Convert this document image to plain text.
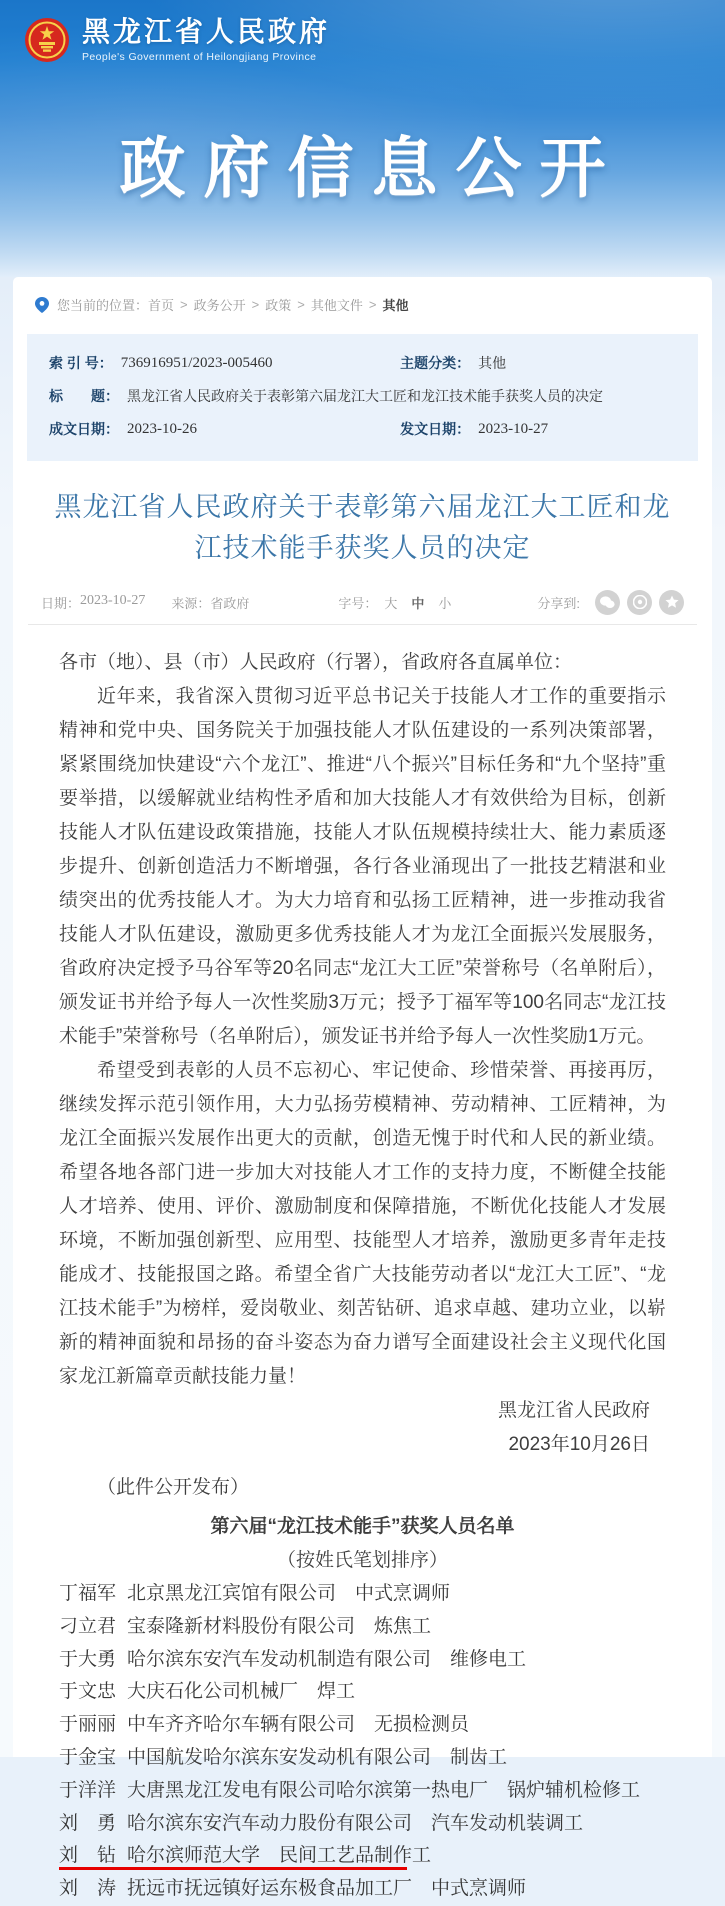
黑龙江省人民政府
People's Government of Heilongjiang Province
政府信息公开
您当前的位置： 首页 > 政务公开 > 政策 > 其他文件 > 其他
索 引 号： 736916951/2023-005460	主题分类： 其他
标　　题： 黑龙江省人民政府关于表彰第六届龙江大工匠和龙江技术能手获奖人员的决定
成文日期： 2023-10-26	发文日期： 2023-10-27
黑龙江省人民政府关于表彰第六届龙江大工匠和龙江技术能手获奖人员的决定
日期： 2023-10-27 来源： 省政府	字号： 大 中 小	分享到:

各市（地）、县（市）人民政府（行署），省政府各直属单位：

近年来，我省深入贯彻习近平总书记关于技能人才工作的重要指示精神和党中央、国务院关于加强技能人才队伍建设的一系列决策部署，紧紧围绕加快建设“六个龙江”、推进“八个振兴”目标任务和“九个坚持”重要举措，以缓解就业结构性矛盾和加大技能人才有效供给为目标，创新技能人才队伍建设政策措施，技能人才队伍规模持续壮大、能力素质逐步提升、创新创造活力不断增强，各行各业涌现出了一批技艺精湛和业绩突出的优秀技能人才。为大力培育和弘扬工匠精神，进一步推动我省技能人才队伍建设，激励更多优秀技能人才为龙江全面振兴发展服务，省政府决定授予马谷军等20名同志“龙江大工匠”荣誉称号（名单附后），颁发证书并给予每人一次性奖励3万元；授予丁福军等100名同志“龙江技术能手”荣誉称号（名单附后），颁发证书并给予每人一次性奖励1万元。

希望受到表彰的人员不忘初心、牢记使命、珍惜荣誉、再接再厉，继续发挥示范引领作用，大力弘扬劳模精神、劳动精神、工匠精神，为龙江全面振兴发展作出更大的贡献，创造无愧于时代和人民的新业绩。希望各地各部门进一步加大对技能人才工作的支持力度，不断健全技能人才培养、使用、评价、激励制度和保障措施，不断优化技能人才发展环境，不断加强创新型、应用型、技能型人才培养，激励更多青年走技能成才、技能报国之路。希望全省广大技能劳动者以“龙江大工匠”、“龙江技术能手”为榜样，爱岗敬业、刻苦钻研、追求卓越、建功立业，以崭新的精神面貌和昂扬的奋斗姿态为奋力谱写全面建设社会主义现代化国家龙江新篇章贡献技能力量！

黑龙江省人民政府

2023年10月26日

（此件公开发布）

第六届“龙江技术能手”获奖人员名单

（按姓氏笔划排序）

丁福军 北京黑龙江宾馆有限公司 中式烹调师

刁立君 宝泰隆新材料股份有限公司 炼焦工

于大勇 哈尔滨东安汽车发动机制造有限公司 维修电工

于文忠 大庆石化公司机械厂 焊工

于丽丽 中车齐齐哈尔车辆有限公司 无损检测员

于金宝 中国航发哈尔滨东安发动机有限公司 制齿工

于洋洋 大唐黑龙江发电有限公司哈尔滨第一热电厂 锅炉辅机检修工

刘　勇 哈尔滨东安汽车动力股份有限公司 汽车发动机装调工

刘　钻 哈尔滨师范大学 民间工艺品制作工

刘　涛 抚远市抚远镇好运东极食品加工厂 中式烹调师
